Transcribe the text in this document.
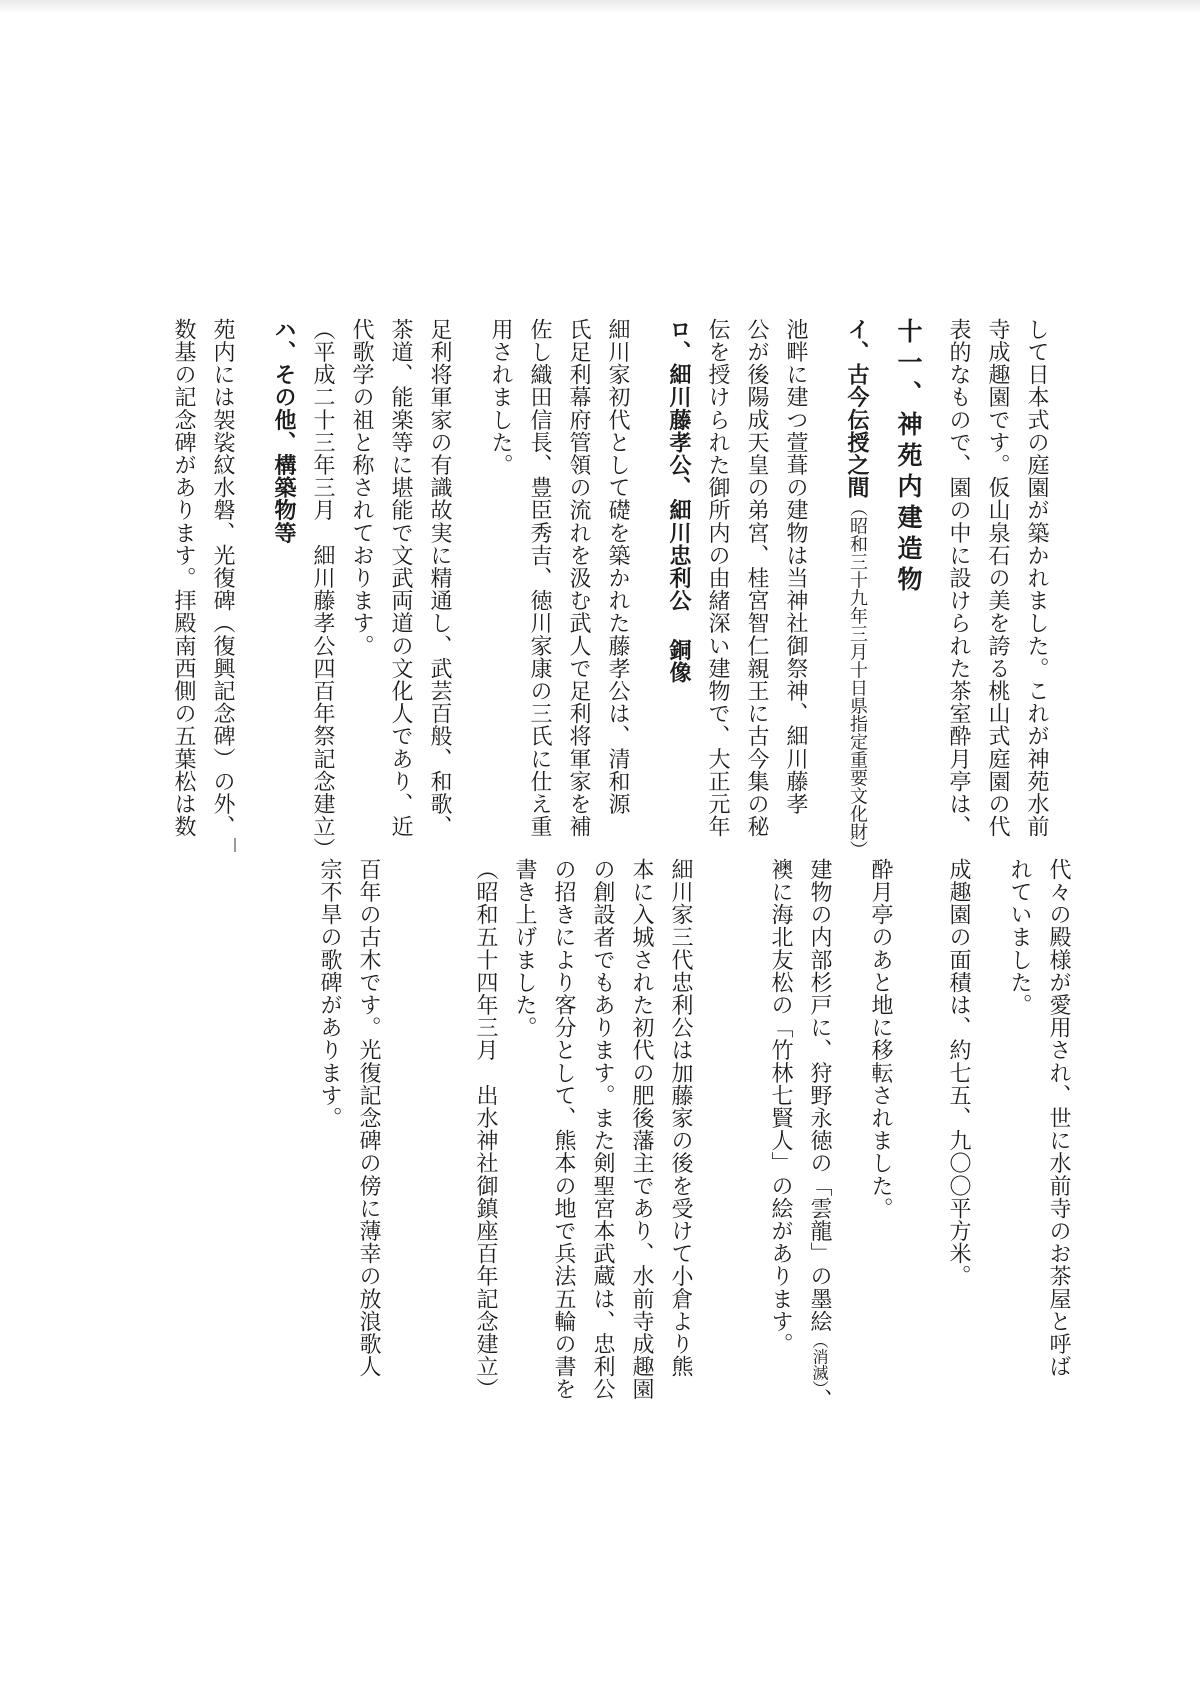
して日本式の庭園が築かれました。これが神苑水前
寺成趣園です。仮山泉石の美を誇る桃山式庭園の代
表的なもので、園の中に設けられた茶室酔月亭は、
十一、神苑内建造物
イ、古今伝授之間（昭和三十九年三月十日県指定重要文化財）
池畔に建つ萱葺の建物は当神社御祭神、細川藤孝
公が後陽成天皇の弟宮、桂宮智仁親王に古今集の秘
伝を授けられた御所内の由緒深い建物で、大正元年
ロ、細川藤孝公、細川忠利公 銅像
細川家初代として礎を築かれた藤孝公は、清和源
氏足利幕府管領の流れを汲む武人で足利将軍家を補
佐し織田信長、豊臣秀吉、徳川家康の三氏に仕え重
用されました。
足利将軍家の有識故実に精通し、武芸百般、和歌、
茶道、能楽等に堪能で文武両道の文化人であり、近
代歌学の祖と称されております。
（平成二十三年三月　細川藤孝公四百年祭記念建立）
ハ、その他、構築物等
苑内には袈裟紋水磐、光復碑（復興記念碑）の外、
数基の記念碑があります。拝殿南西側の五葉松は数
代々の殿様が愛用され、世に水前寺のお茶屋と呼ば
れていました。
成趣園の面積は、約七五、九〇〇平方米。

酔月亭のあと地に移転されました。
建物の内部杉戸に、狩野永徳の「雲龍」の墨絵（消滅）、
襖に海北友松の「竹林七賢人」の絵があります。

細川家三代忠利公は加藤家の後を受けて小倉より熊
本に入城された初代の肥後藩主であり、水前寺成趣園
の創設者でもあります。また剣聖宮本武蔵は、忠利公
の招きにより客分として、熊本の地で兵法五輪の書を
書き上げました。
（昭和五十四年三月　出水神社御鎮座百年記念建立）

百年の古木です。光復記念碑の傍に薄幸の放浪歌人
宗不旱の歌碑があります。
